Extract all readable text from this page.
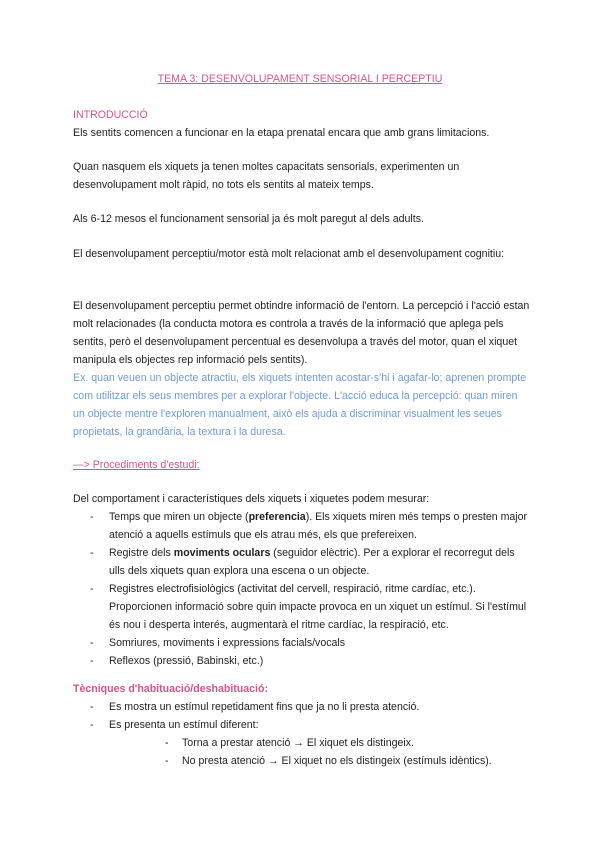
TEMA 3: DESENVOLUPAMENT SENSORIAL I PERCEPTIU
INTRODUCCIÓ
Els sentits comencen a funcionar en la etapa prenatal encara que amb grans limitacions.
Quan nasquem els xiquets ja tenen moltes capacitats sensorials, experimenten un desenvolupament molt ràpid, no tots els sentits al mateix temps.
Als 6-12 mesos el funcionament sensorial ja és molt paregut al dels adults.
El desenvolupament perceptiu/motor està molt relacionat amb el desenvolupament cognitiu:
El desenvolupament perceptiu permet obtindre informació de l'entorn. La percepció i l'acció estan molt relacionades (la conducta motora es controla a través de la informació que aplega pels sentits, però el desenvolupament percentual es desenvolupa a través del motor, quan el xiquet manipula els objectes rep informació pels sentits).
Ex. quan veuen un objecte atractiu, els xiquets intenten acostar-s'hi i agafar-lo; aprenen prompte com utilitzar els seus membres per a explorar l'objecte. L'acció educa la percepció: quan miren un objecte mentre l'exploren manualment, això els ajuda a discriminar visualment les seues propietats, la grandària, la textura i la duresa.
—> Procediments d'estudi:
Del comportament i característiques dels xiquets i xiquetes podem mesurar:
- Temps que miren un objecte (preferencia). Els xiquets miren més temps o presten major atenció a aquells estímuls que els atrau més, els que prefereixen.
- Registre dels moviments oculars (seguidor elèctric). Per a explorar el recorregut dels ulls dels xiquets quan explora una escena o un objecte.
- Registres electrofisiològics (activitat del cervell, respiració, ritme cardíac, etc.). Proporcionen informació sobre quin impacte provoca en un xiquet un estímul. Si l'estímul és nou i desperta interés, augmentarà el ritme cardíac, la respiració, etc.
- Somriures, moviments i expressions facials/vocals
- Reflexos (pressió, Babinski, etc.)
Tècniques d'habituació/deshabituació:
- Es mostra un estímul repetidament fins que ja no li presta atenció.
- Es presenta un estímul diferent:
- Torna a prestar atenció → El xiquet els distingeix.
- No presta atenció → El xiquet no els distingeix (estímuls idèntics).
